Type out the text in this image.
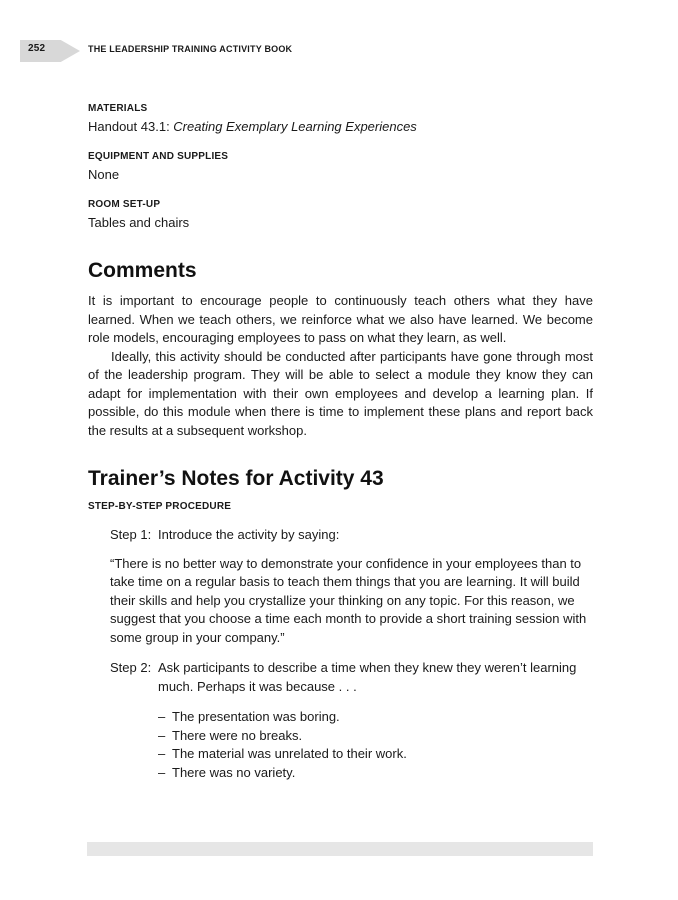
252	THE LEADERSHIP TRAINING ACTIVITY BOOK

MATERIALS

Handout 43.1: Creating Exemplary Learning Experiences

EQUIPMENT AND SUPPLIES

None

ROOM SET-UP

Tables and chairs

Comments

It is important to encourage people to continuously teach others what they have learned. When we teach others, we reinforce what we also have learned. We become role models, encouraging employees to pass on what they learn, as well.

Ideally, this activity should be conducted after participants have gone through most of the leadership program. They will be able to select a module they know they can adapt for implementation with their own employees and develop a learning plan. If possible, do this module when there is time to implement these plans and report back the results at a subsequent workshop.

Trainer’s Notes for Activity 43

STEP-BY-STEP PROCEDURE

Step 1: Introduce the activity by saying:

“There is no better way to demonstrate your confidence in your employees than to take time on a regular basis to teach them things that you are learning. It will build their skills and help you crystallize your thinking on any topic. For this reason, we suggest that you choose a time each month to provide a short training session with some group in your company.”

Step 2: Ask participants to describe a time when they knew they weren’t learning much. Perhaps it was because . . .
– The presentation was boring.
– There were no breaks.
– The material was unrelated to their work.
– There was no variety.
